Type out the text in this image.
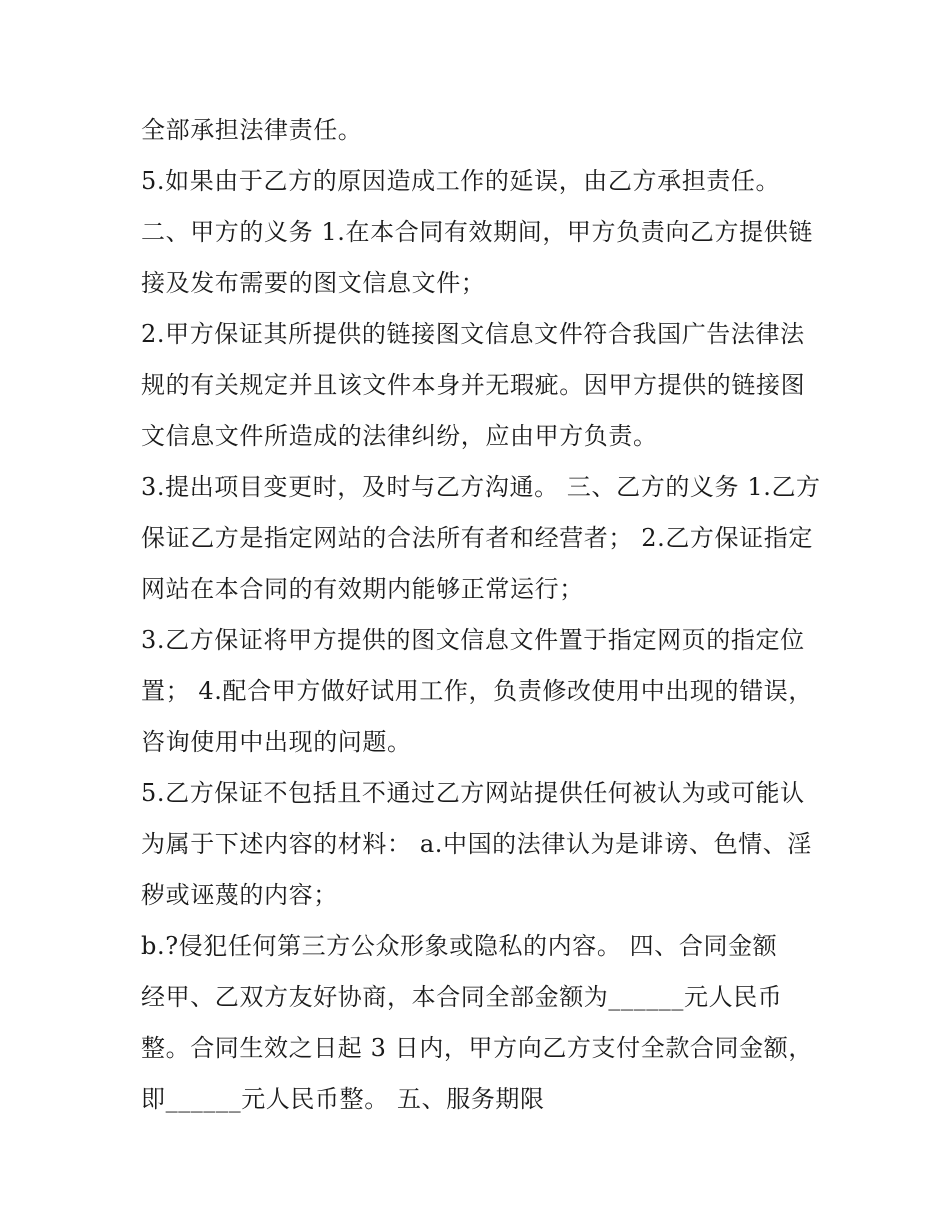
全部承担法律责任。
5.如果由于乙方的原因造成工作的延误，由乙方承担责任。
二、甲方的义务 1.在本合同有效期间，甲方负责向乙方提供链
接及发布需要的图文信息文件；
2.甲方保证其所提供的链接图文信息文件符合我国广告法律法
规的有关规定并且该文件本身并无瑕疵。因甲方提供的链接图
文信息文件所造成的法律纠纷，应由甲方负责。
3.提出项目变更时，及时与乙方沟通。 三、乙方的义务 1.乙方
保证乙方是指定网站的合法所有者和经营者； 2.乙方保证指定
网站在本合同的有效期内能够正常运行；
3.乙方保证将甲方提供的图文信息文件置于指定网页的指定位
置； 4.配合甲方做好试用工作，负责修改使用中出现的错误，
咨询使用中出现的问题。
5.乙方保证不包括且不通过乙方网站提供任何被认为或可能认
为属于下述内容的材料： a.中国的法律认为是诽谤、色情、淫
秽或诬蔑的内容；
b.?侵犯任何第三方公众形象或隐私的内容。 四、合同金额
经甲、乙双方友好协商，本合同全部金额为______元人民币
整。合同生效之日起 3 日内，甲方向乙方支付全款合同金额，
即______元人民币整。 五、服务期限
